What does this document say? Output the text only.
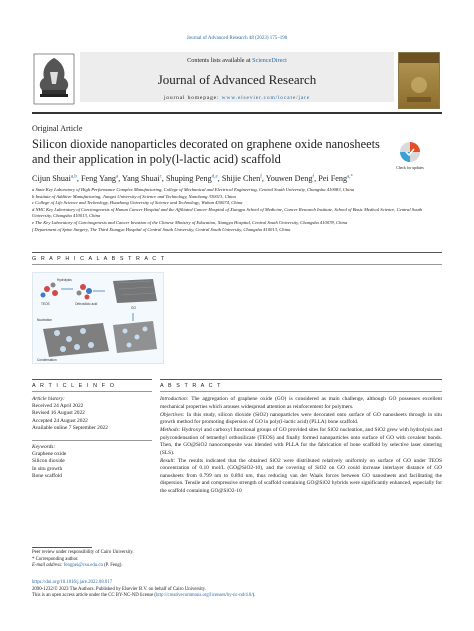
Journal of Advanced Research 48 (2023) 175–190
Contents lists available at ScienceDirect
Journal of Advanced Research
journal homepage: www.elsevier.com/locate/jare
Original Article
Silicon dioxide nanoparticles decorated on graphene oxide nanosheets and their application in poly(l-lactic acid) scaffold
Check for updates
Cijun Shuai$^{a,b}$, Feng Yang$^a$, Yang Shuai$^c$, Shuping Peng$^{d,e}$, Shijie Chen$^f$, Youwen Deng$^f$, Pei Feng$^{a,*}$
a State Key Laboratory of High Performance Complex Manufacturing, College of Mechanical and Electrical Engineering, Central South University, Changsha 410083, China
b Institute of Additive Manufacturing, Jiangxi University of Science and Technology, Nanchang 330013, China
c College of Life Science and Technology, Huazhong University of Science and Technology, Wuhan 430074, China
d NHC Key Laboratory of Carcinogenesis of Hunan Cancer Hospital and the Affiliated Cancer Hospital of Xiangya School of Medicine, Cancer Research Institute, School of Basic Medical Science, Central South University, Changsha 410013, China
e The Key Laboratory of Carcinogenesis and Cancer Invasion of the Chinese Ministry of Education, Xiangya Hospital, Central South University, Changsha 410078, China
f Department of Spine Surgery, The Third Xiangya Hospital of Central South University, Central South University, Changsha 410013, China
G R A P H I C A L A B S T R A C T
TEOS
Hydrolysis
Orthosilicic acid
GO
Nucleation
Condensation
A R T I C L E I N F O
Article history:
Received 24 April 2022
Revised 16 August 2022
Accepted 24 August 2022
Available online 7 September 2022
Keywords:
Graphene oxide
Silicon dioxide
In situ growth
Bone scaffold
A B S T R A C T

Introduction: The aggregation of graphene oxide (GO) is considered as main challenge, although GO possesses excellent mechanical properties which arouses widespread attention as reinforcement for polymers.

Objectives: In this study, silicon dioxide (SiO2) nanoparticles were decorated onto surface of GO nanosheets through in situ growth method for promoting dispersion of GO in poly(l-lactic acid) (PLLA) bone scaffold.

Methods: Hydroxyl and carboxyl functional groups of GO provided sites for SiO2 nucleation, and SiO2 grew with hydrolysis and polycondensation of tetraethyl orthosilicate (TEOS) and finally formed nanoparticles onto surface of GO with covalent bonds. Then, the GO@SiO2 nanocomposite was blended with PLLA for the fabrication of bone scaffold by selective laser sintering (SLS).

Result: The results indicated that the obtained SiO2 were distributed relatively uniformly on surface of GO under TEOS concentration of 0.10 mol/L (GO@SiO2-10), and the covering of SiO2 on GO could increase interlayer distance of GO nanosheets from 0.799 nm to 0.894 nm, thus reducing van der Waals forces between GO nanosheets and facilitating the dispersion. Tensile and compressive strength of scaffold containing GO@SiO2 hybrids were significantly enhanced, especially for the scaffold containing GO@SiO2-10

Peer review under responsibility of Cairo University.
* Corresponding author.
E-mail address: fengpei@csu.edu.cn (P. Feng).
https://doi.org/10.1016/j.jare.2022.08.017
2090-1232/© 2023 The Authors. Published by Elsevier B.V. on behalf of Cairo University.
This is an open access article under the CC BY-NC-ND license (http://creativecommons.org/licenses/by-nc-nd/4.0/).
